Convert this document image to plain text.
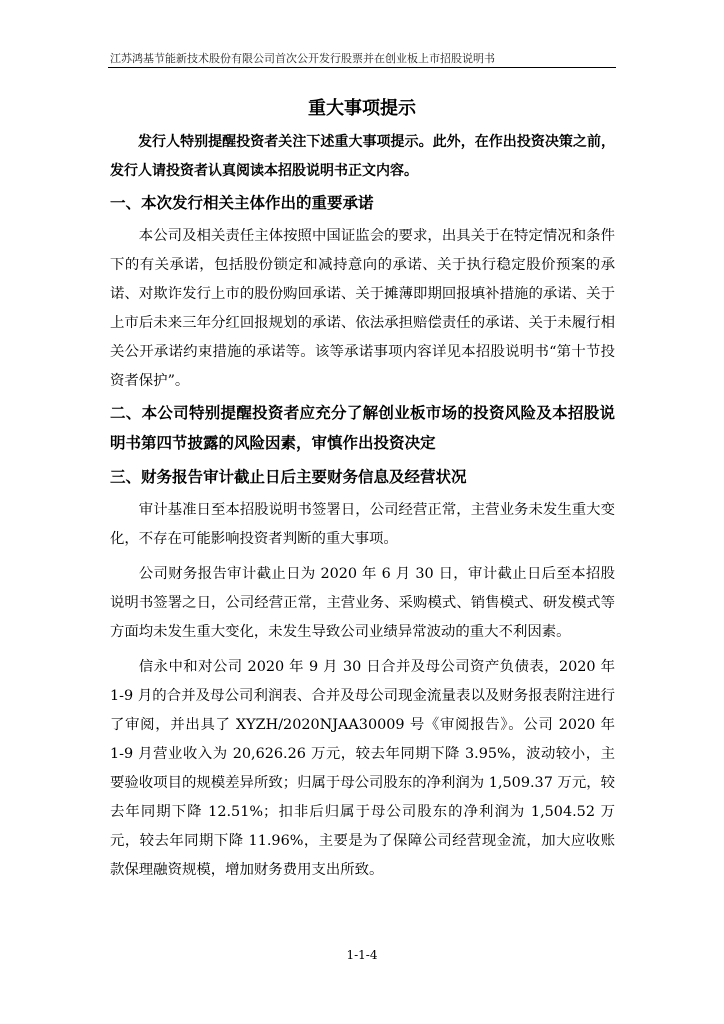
江苏鸿基节能新技术股份有限公司首次公开发行股票并在创业板上市招股说明书
重大事项提示

发行人特别提醒投资者关注下述重大事项提示。此外，在作出投资决策之前，发行人请投资者认真阅读本招股说明书正文内容。

一、本次发行相关主体作出的重要承诺

本公司及相关责任主体按照中国证监会的要求，出具关于在特定情况和条件下的有关承诺，包括股份锁定和减持意向的承诺、关于执行稳定股价预案的承诺、对欺诈发行上市的股份购回承诺、关于摊薄即期回报填补措施的承诺、关于上市后未来三年分红回报规划的承诺、依法承担赔偿责任的承诺、关于未履行相关公开承诺约束措施的承诺等。该等承诺事项内容详见本招股说明书“第十节投资者保护”。

二、本公司特别提醒投资者应充分了解创业板市场的投资风险及本招股说明书第四节披露的风险因素，审慎作出投资决定
三、财务报告审计截止日后主要财务信息及经营状况

审计基准日至本招股说明书签署日，公司经营正常，主营业务未发生重大变化，不存在可能影响投资者判断的重大事项。

公司财务报告审计截止日为 2020 年 6 月 30 日，审计截止日后至本招股说明书签署之日，公司经营正常，主营业务、采购模式、销售模式、研发模式等方面均未发生重大变化，未发生导致公司业绩异常波动的重大不利因素。

信永中和对公司 2020 年 9 月 30 日合并及母公司资产负债表，2020 年 1-9 月的合并及母公司利润表、合并及母公司现金流量表以及财务报表附注进行了审阅，并出具了 XYZH/2020NJAA30009 号《审阅报告》。公司 2020 年 1-9 月营业收入为 20,626.26 万元，较去年同期下降 3.95%，波动较小，主要验收项目的规模差异所致；归属于母公司股东的净利润为 1,509.37 万元，较去年同期下降 12.51%；扣非后归属于母公司股东的净利润为 1,504.52 万元，较去年同期下降 11.96%，主要是为了保障公司经营现金流，加大应收账款保理融资规模，增加财务费用支出所致。

1-1-4
